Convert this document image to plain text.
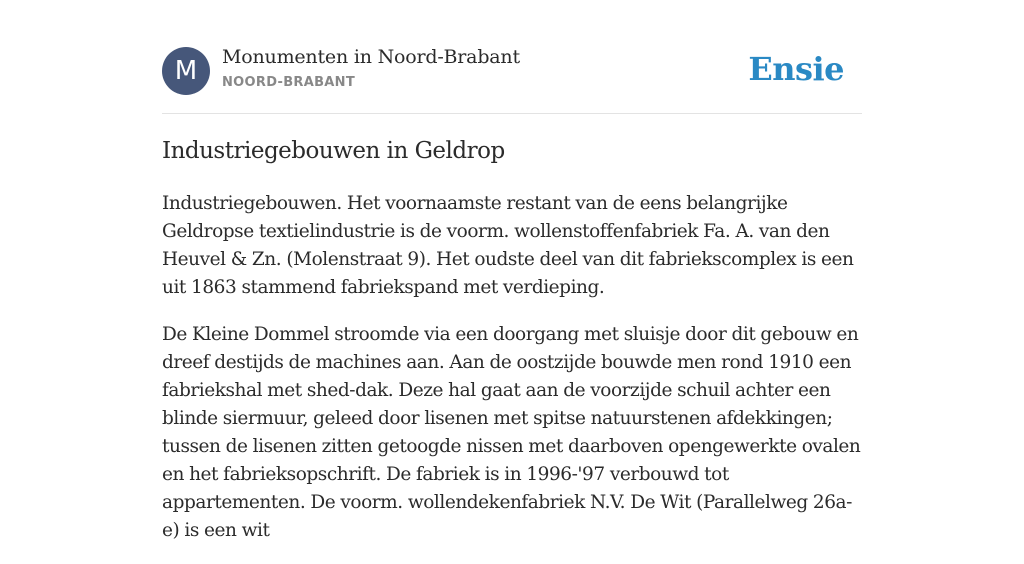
M	Monumenten in Noord-Brabant
NOORD-BRABANT	Ensie
Industriegebouwen in Geldrop

Industriegebouwen. Het voornaamste restant van de eens belangrijke Geldropse textielindustrie is de voorm. wollenstoffenfabriek Fa. A. van den Heuvel & Zn. (Molenstraat 9). Het oudste deel van dit fabriekscomplex is een uit 1863 stammend fabriekspand met verdieping.

De Kleine Dommel stroomde via een doorgang met sluisje door dit gebouw en dreef destijds de machines aan. Aan de oostzijde bouwde men rond 1910 een fabriekshal met shed-dak. Deze hal gaat aan de voorzijde schuil achter een blinde siermuur, geleed door lisenen met spitse natuurstenen afdekkingen; tussen de lisenen zitten getoogde nissen met daarboven opengewerkte ovalen en het fabrieksopschrift. De fabriek is in 1996-'97 verbouwd tot appartementen. De voorm. wollendekenfabriek N.V. De Wit (Parallelweg 26a-e) is een wit
